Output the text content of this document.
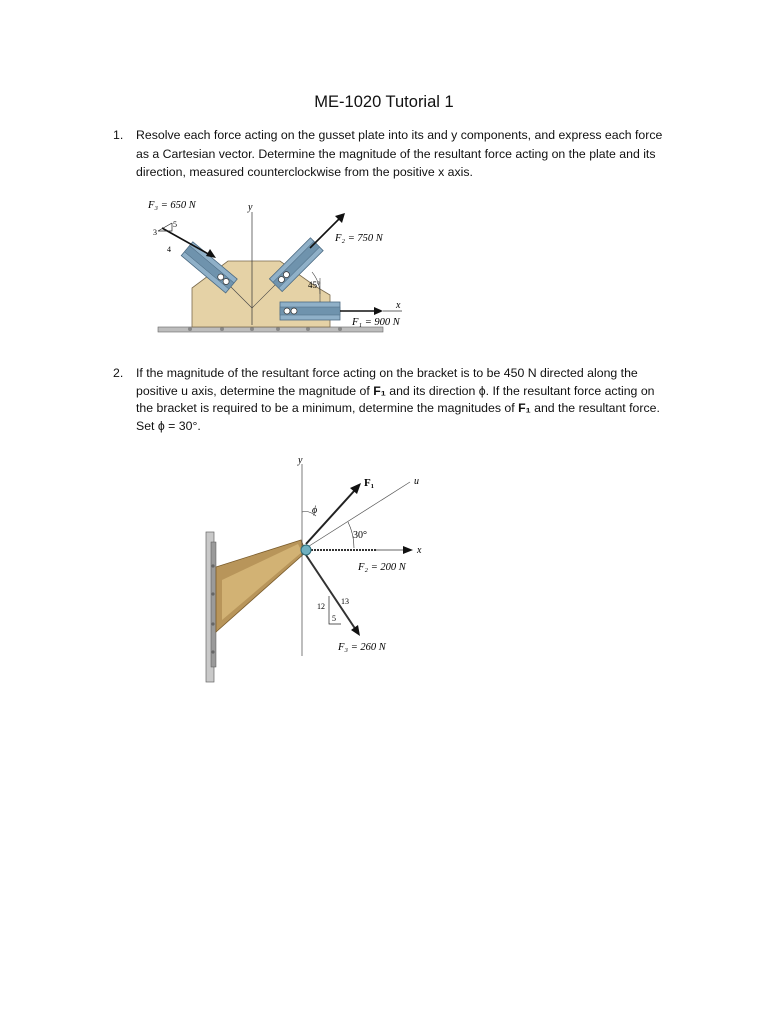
ME-1020 Tutorial 1
1. Resolve each force acting on the gusset plate into its and y components, and express each force as a Cartesian vector. Determine the magnitude of the resultant force acting on the plate and its direction, measured counterclockwise from the positive x axis.
y
F₃ = 650 N
3
4
5
F₂ = 750 N
45°
x
F₁ = 900 N
2. If the magnitude of the resultant force acting on the bracket is to be 450 N directed along the positive u axis, determine the magnitude of F₁ and its direction ϕ. If the resultant force acting on the bracket is required to be a minimum, determine the magnitudes of F₁ and the resultant force. Set ϕ = 30°.
y
u
F₁
ϕ
30°
x
F₂ = 200 N
12
13
5
F₃ = 260 N
